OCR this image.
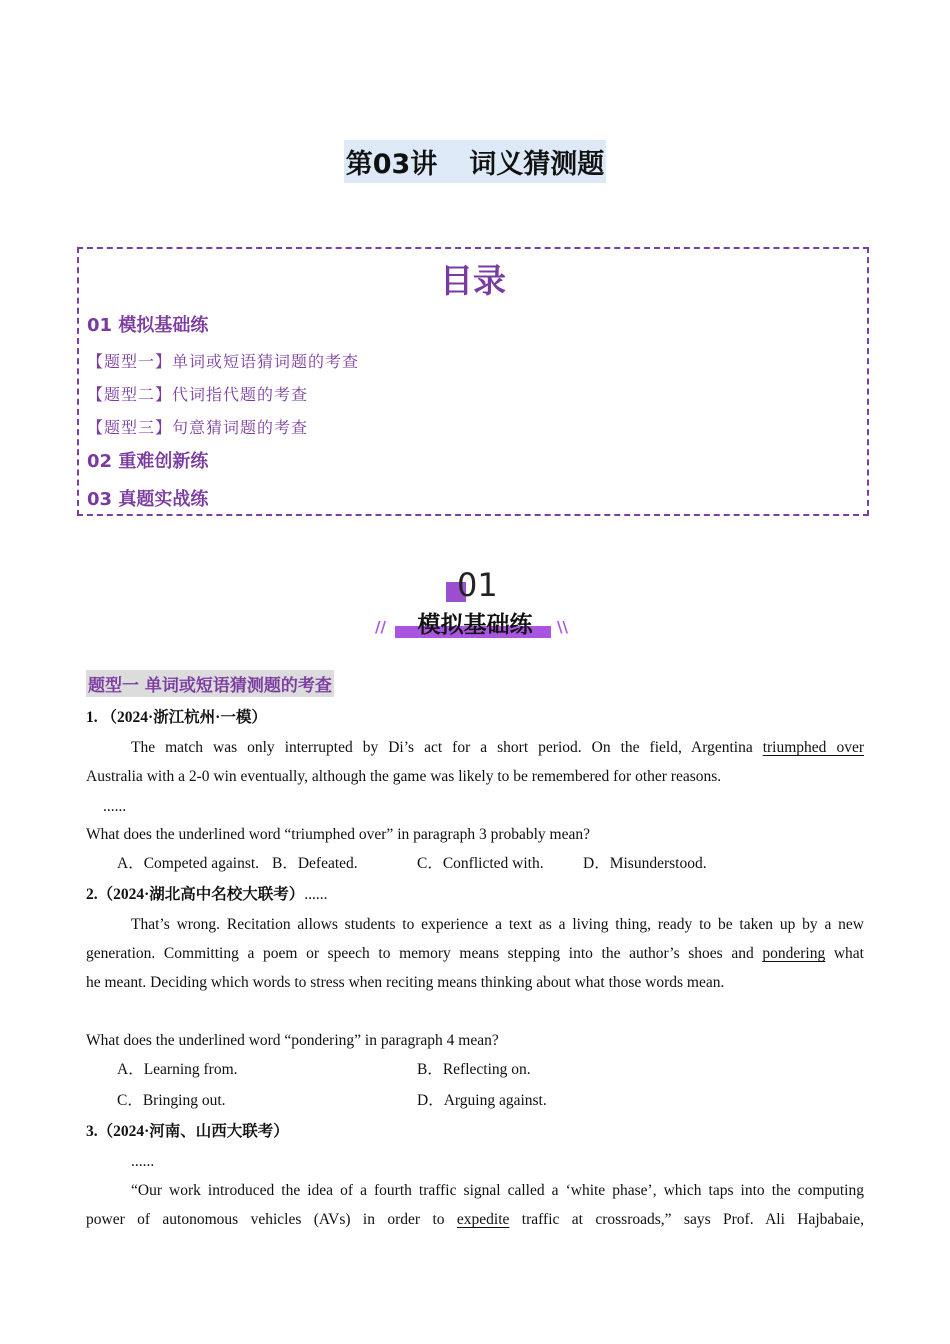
第03讲 词义猜测题
目录
01 模拟基础练
【题型一】单词或短语猜词题的考查
【题型二】代词指代题的考查
【题型三】句意猜词题的考查
02 重难创新练
03 真题实战练
01
模拟基础练
//	\\
题型一 单词或短语猜测题的考查
1. （2024·浙江杭州·一模）
The match was only interrupted by Di’s act for a short period. On the field, Argentina triumphed over
Australia with a 2-0 win eventually, although the game was likely to be remembered for other reasons.
......
What does the underlined word “triumphed over” in paragraph 3 probably mean?
A．Competed against. B．Defeated.	C．Conflicted with.	D．Misunderstood.
2.（2024·湖北高中名校大联考）......
That’s wrong. Recitation allows students to experience a text as a living thing, ready to be taken up by a new
generation. Committing a poem or speech to memory means stepping into the author’s shoes and pondering what
he meant. Deciding which words to stress when reciting means thinking about what those words mean.
What does the underlined word “pondering” in paragraph 4 mean?
A．Learning from.	B．Reflecting on.
C．Bringing out.	D．Arguing against.
3.（2024·河南、山西大联考）
......
“Our work introduced the idea of a fourth traffic signal called a ‘white phase’, which taps into the computing
power of autonomous vehicles (AVs) in order to expedite traffic at crossroads,” says Prof. Ali Hajbabaie,
